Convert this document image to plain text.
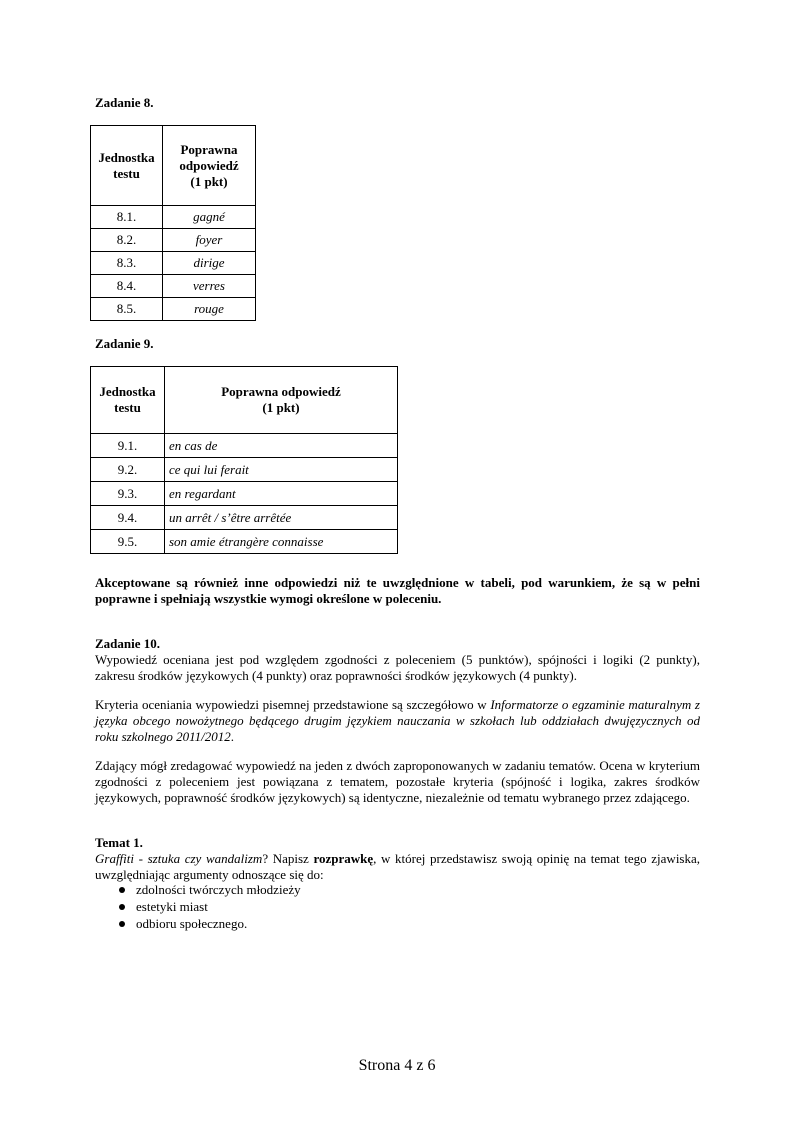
Zadanie 8.
Jednostka
testu	Poprawna
odpowiedź
(1 pkt)
8.1.	gagné
8.2.	foyer
8.3.	dirige
8.4.	verres
8.5.	rouge
Zadanie 9.
Jednostka
testu	Poprawna odpowiedź
(1 pkt)
9.1.	en cas de
9.2.	ce qui lui ferait
9.3.	en regardant
9.4.	un arrêt / s’être arrêtée
9.5.	son amie étrangère connaisse
Akceptowane są również inne odpowiedzi niż te uwzględnione w tabeli, pod warunkiem, że są w pełni poprawne i spełniają wszystkie wymogi określone w poleceniu.
Zadanie 10.
Wypowiedź oceniana jest pod względem zgodności z poleceniem (5 punktów), spójności i logiki (2 punkty), zakresu środków językowych (4 punkty) oraz poprawności środków językowych (4 punkty).
Kryteria oceniania wypowiedzi pisemnej przedstawione są szczegółowo w Informatorze o egzaminie maturalnym z języka obcego nowożytnego będącego drugim językiem nauczania w szkołach lub oddziałach dwujęzycznych od roku szkolnego 2011/2012.
Zdający mógł zredagować wypowiedź na jeden z dwóch zaproponowanych w zadaniu tematów. Ocena w kryterium zgodności z poleceniem jest powiązana z tematem, pozostałe kryteria (spójność i logika, zakres środków językowych, poprawność środków językowych) są identyczne, niezależnie od tematu wybranego przez zdającego.
Temat 1.
Graffiti - sztuka czy wandalizm? Napisz rozprawkę, w której przedstawisz swoją opinię na temat tego zjawiska, uwzględniając argumenty odnoszące się do:
zdolności twórczych młodzieży
estetyki miast
odbioru społecznego.
Strona 4 z 6
